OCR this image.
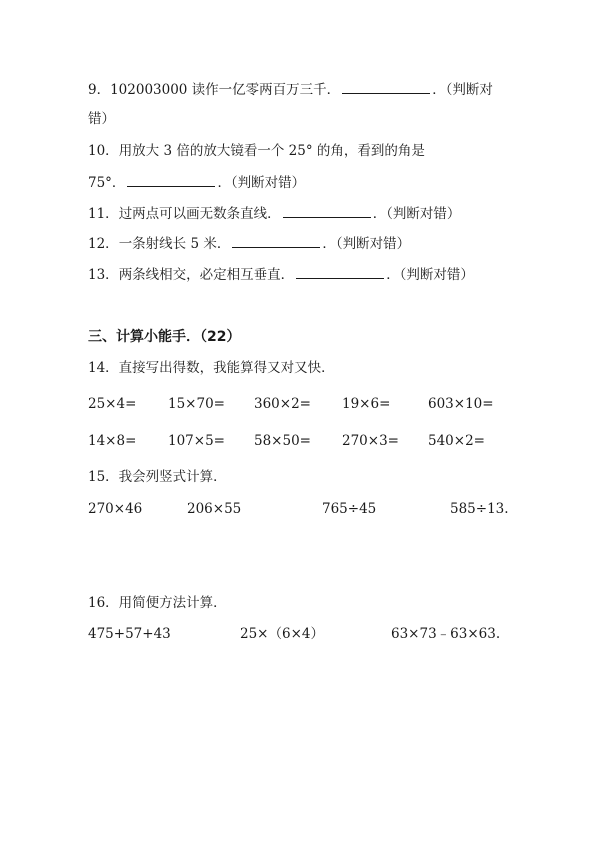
9．102003000 读作一亿零两百万三千．	．（判断对
错）
10．用放大 3 倍的放大镜看一个 25° 的角，看到的角是
75°．	．（判断对错）
11．过两点可以画无数条直线．	．（判断对错）
12．一条射线长 5 米．	．（判断对错）
13．两条线相交，必定相互垂直．	．（判断对错）
三、计算小能手．（22）
14．直接写出得数，我能算得又对又快．
25×4= 15×70= 360×2= 19×6=	603×10=
14×8= 107×5= 58×50= 270×3= 540×2=
15．我会列竖式计算．
270×46	206×55	765÷45	585÷13.
16．用简便方法计算．
475+57+43	25×（6×4）	63×73﹣63×63.
